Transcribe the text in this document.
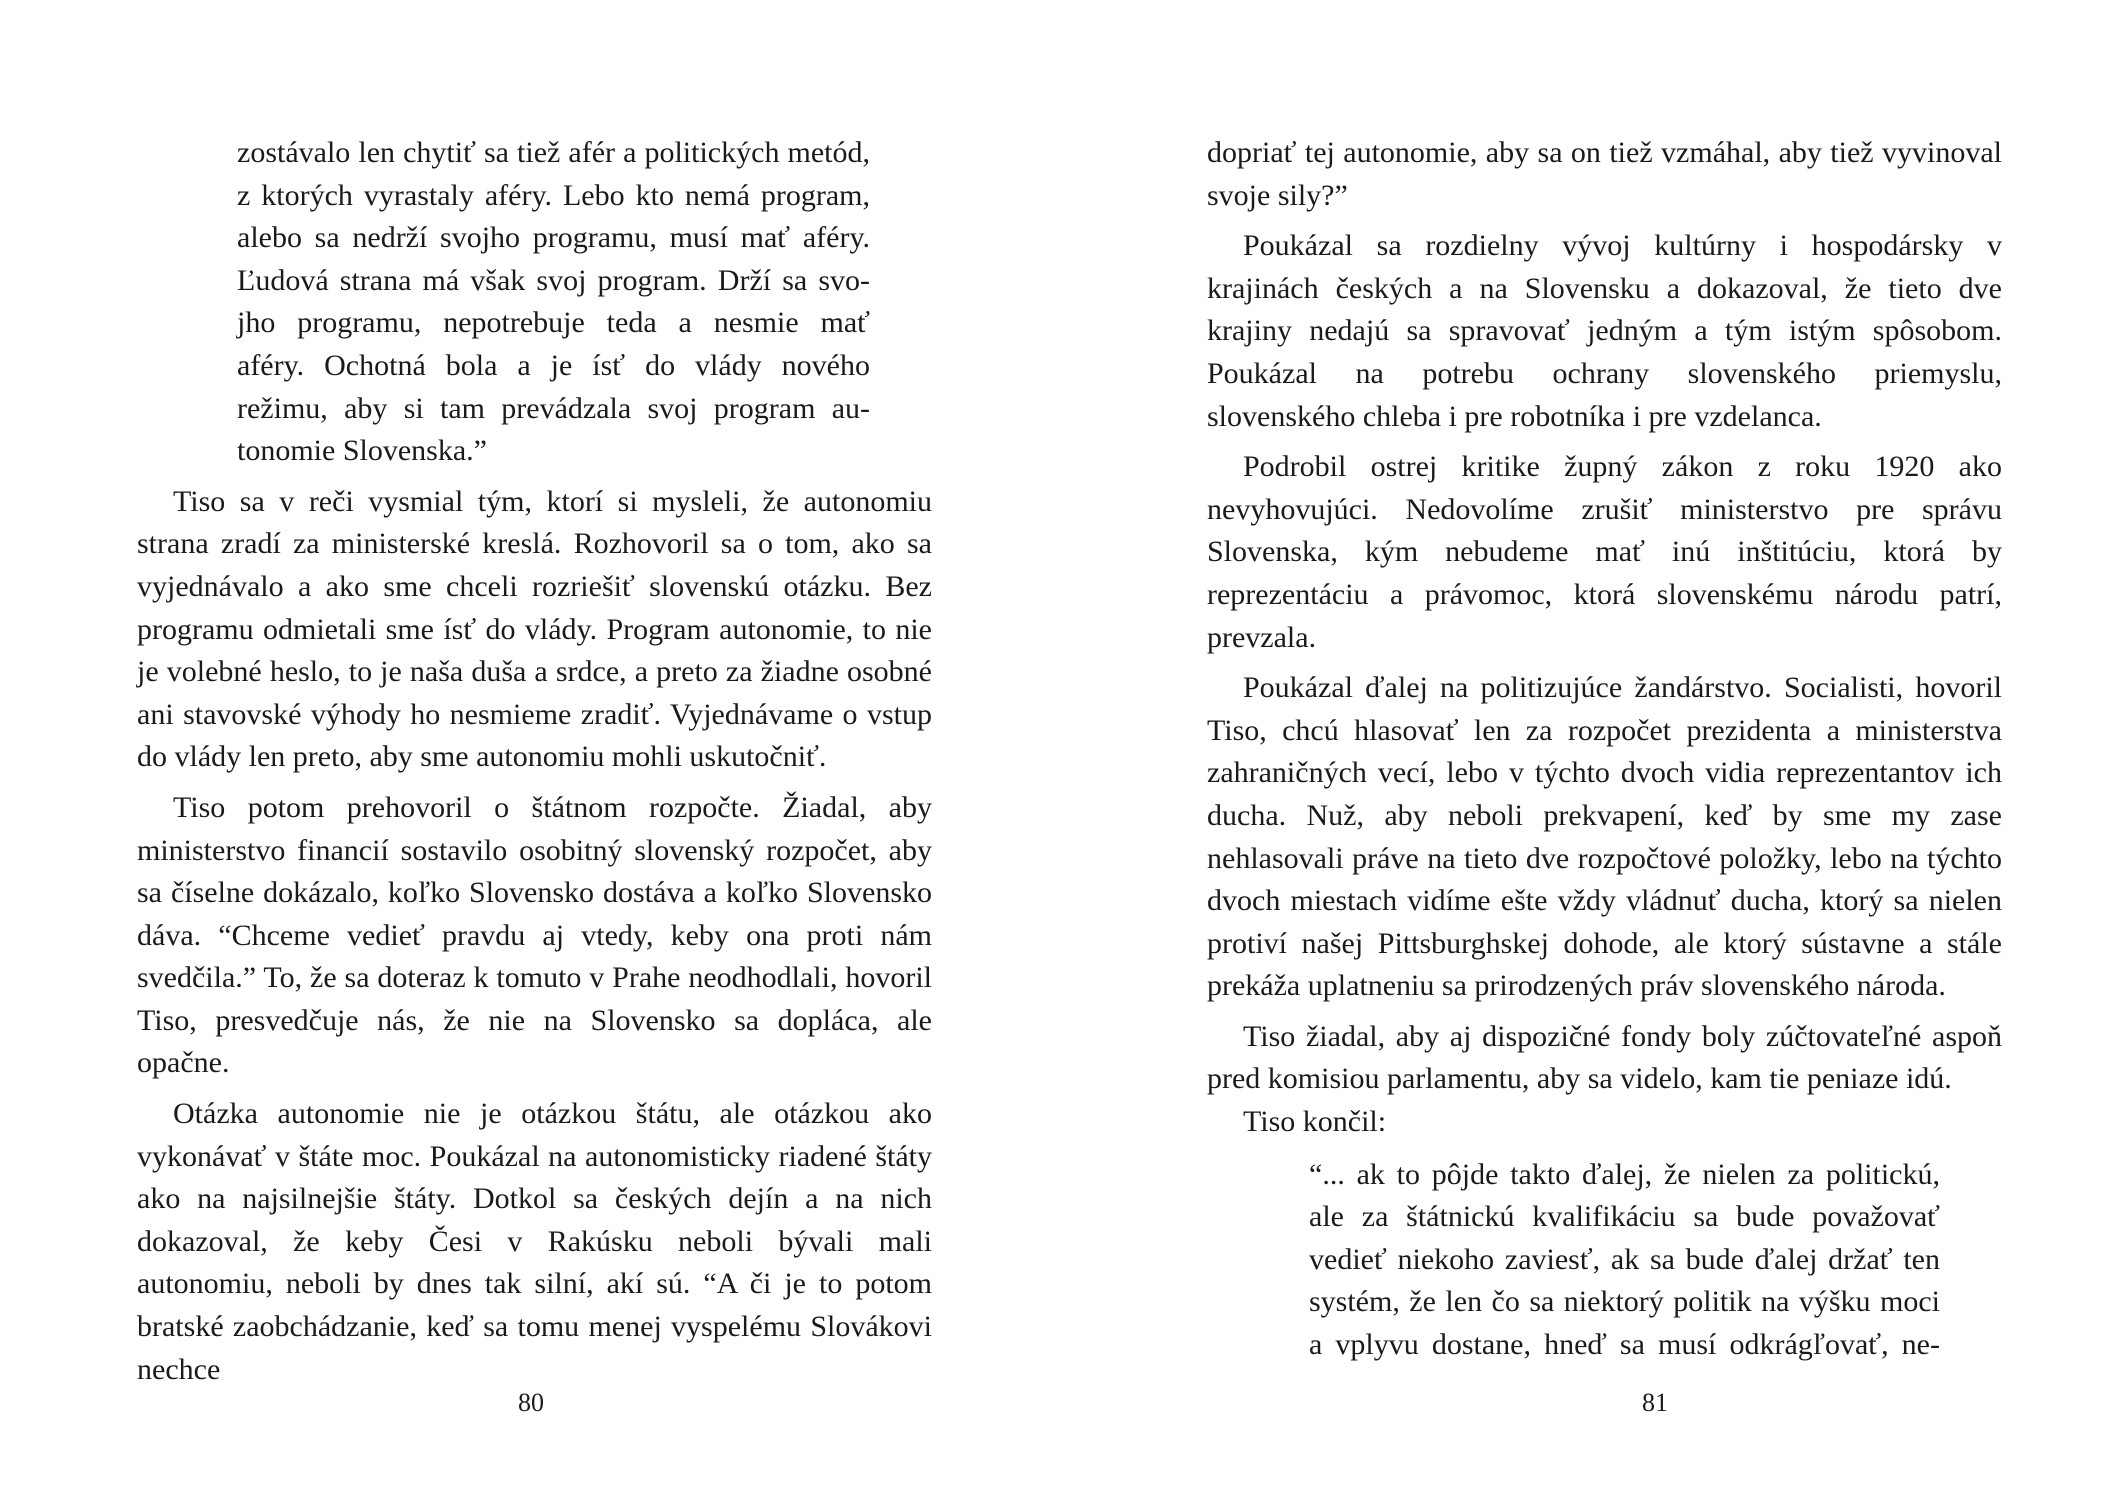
zostávalo len chytiť sa tiež afér a politických metód,

z ktorých vyrastaly aféry. Lebo kto nemá program,

alebo sa nedrží svojho programu, musí mať aféry.

Ľudová strana má však svoj program. Drží sa svo-

jho programu, nepotrebuje teda a nesmie mať

aféry. Ochotná bola a je ísť do vlády nového

režimu, aby si tam prevádzala svoj program au-

tonomie Slovenska.”

Tiso sa v reči vysmial tým, ktorí si mysleli, že autonomiu strana zradí za ministerské kreslá. Rozhovoril sa o tom, ako sa vyjednávalo a ako sme chceli rozriešiť slovenskú otázku. Bez programu odmietali sme ísť do vlády. Program autonomie, to nie je volebné heslo, to je naša duša a srdce, a preto za žiadne osobné ani stavovské výhody ho nesmieme zradiť. Vyjednávame o vstup do vlády len preto, aby sme autonomiu mohli uskutočniť.

Tiso potom prehovoril o štátnom rozpočte. Žiadal, aby ministerstvo financií sostavilo osobitný slovenský rozpočet, aby sa číselne dokázalo, koľko Slovensko dostáva a koľko Slovensko dáva. “Chceme vedieť pravdu aj vtedy, keby ona proti nám svedčila.” To, že sa doteraz k tomuto v Prahe neodhodlali, hovoril Tiso, presvedčuje nás, že nie na Slovensko sa dopláca, ale opačne.

Otázka autonomie nie je otázkou štátu, ale otázkou ako vykonávať v štáte moc. Poukázal na autonomisticky riadené štáty ako na najsilnejšie štáty. Dotkol sa českých dejín a na nich dokazoval, že keby Česi v Rakúsku neboli bývali mali autonomiu, neboli by dnes tak silní, akí sú. “A či je to potom bratské zaobchádzanie, keď sa tomu menej vyspelému Slovákovi nechce

80

dopriať tej autonomie, aby sa on tiež vzmáhal, aby tiež vyvinoval svoje sily?”

Poukázal sa rozdielny vývoj kultúrny i hospodársky v krajinách českých a na Slovensku a dokazoval, že tieto dve krajiny nedajú sa spravovať jedným a tým istým spôsobom. Poukázal na potrebu ochrany slovenského priemyslu, slovenského chleba i pre robotníka i pre vzdelanca.

Podrobil ostrej kritike župný zákon z roku 1920 ako nevyhovujúci. Nedovolíme zrušiť ministerstvo pre správu Slovenska, kým nebudeme mať inú inštitúciu, ktorá by reprezentáciu a právomoc, ktorá slovenskému národu patrí, prevzala.

Poukázal ďalej na politizujúce žandárstvo. Socialisti, hovoril Tiso, chcú hlasovať len za rozpočet prezidenta a ministerstva zahraničných vecí, lebo v týchto dvoch vidia reprezentantov ich ducha. Nuž, aby neboli prekvapení, keď by sme my zase nehlasovali práve na tieto dve rozpočtové položky, lebo na týchto dvoch miestach vidíme ešte vždy vládnuť ducha, ktorý sa nielen protiví našej Pittsburghskej dohode, ale ktorý sústavne a stále prekáža uplatneniu sa prirodzených práv slovenského národa.

Tiso žiadal, aby aj dispozičné fondy boly zúčtovateľné aspoň pred komisiou parlamentu, aby sa videlo, kam tie peniaze idú.

Tiso končil:

“... ak to pôjde takto ďalej, že nielen za politickú,

ale za štátnickú kvalifikáciu sa bude považovať

vedieť niekoho zaviesť, ak sa bude ďalej držať ten

systém, že len čo sa niektorý politik na výšku moci

a vplyvu dostane, hneď sa musí odkrágľovať, ne-

81
